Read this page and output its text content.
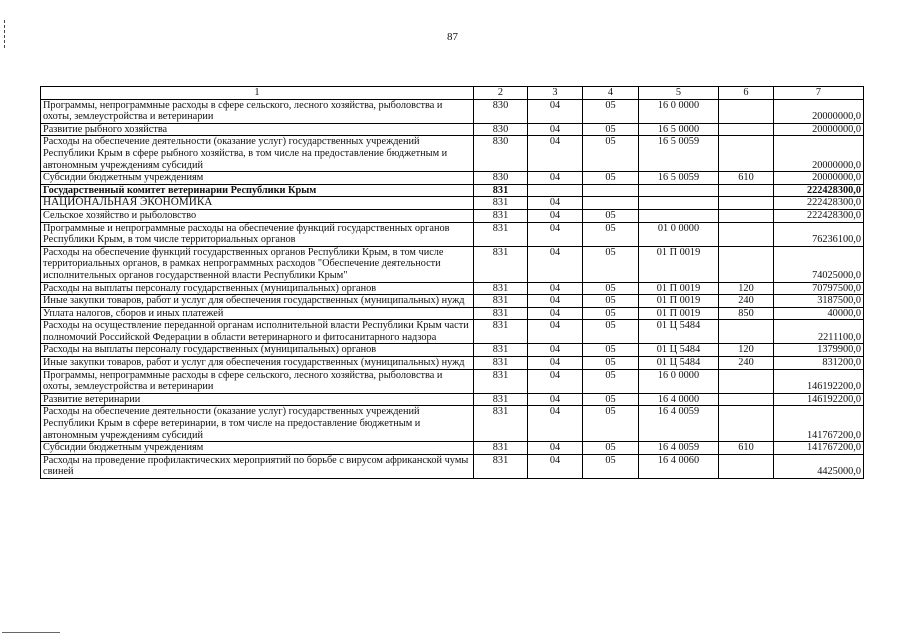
87
1	2	3	4	5	6	7
Программы, непрограммные расходы в сфере сельского, лесного хозяйства, рыболовства и охоты, землеустройства и ветеринарии	830	04	05	16 0 0000		20000000,0
Развитие рыбного хозяйства	830	04	05	16 5 0000		20000000,0
Расходы на обеспечение деятельности (оказание услуг) государственных учреждений Республики Крым в сфере рыбного хозяйства, в том числе на предоставление бюджетным и автономным учреждениям субсидий	830	04	05	16 5 0059		20000000,0
Субсидии бюджетным учреждениям	830	04	05	16 5 0059	610	20000000,0
Государственный комитет ветеринарии Республики Крым	831					222428300,0
НАЦИОНАЛЬНАЯ ЭКОНОМИКА	831	04				222428300,0
Сельское хозяйство и рыболовство	831	04	05			222428300,0
Программные и непрограммные расходы на обеспечение функций государственных органов Республики Крым, в том числе территориальных органов	831	04	05	01 0 0000		76236100,0
Расходы на обеспечение функций государственных органов Республики Крым, в том числе территориальных органов, в рамках непрограммных расходов "Обеспечение деятельности исполнительных органов государственной власти Республики Крым"	831	04	05	01 П 0019		74025000,0
Расходы на выплаты персоналу государственных (муниципальных) органов	831	04	05	01 П 0019	120	70797500,0
Иные закупки товаров, работ и услуг для обеспечения государственных (муниципальных) нужд	831	04	05	01 П 0019	240	3187500,0
Уплата налогов, сборов и иных платежей	831	04	05	01 П 0019	850	40000,0
Расходы на осуществление переданной органам исполнительной власти Республики Крым части полномочий Российской Федерации в области ветеринарного и фитосанитарного надзора	831	04	05	01 Ц 5484		2211100,0
Расходы на выплаты персоналу государственных (муниципальных) органов	831	04	05	01 Ц 5484	120	1379900,0
Иные закупки товаров, работ и услуг для обеспечения государственных (муниципальных) нужд	831	04	05	01 Ц 5484	240	831200,0
Программы, непрограммные расходы в сфере сельского, лесного хозяйства, рыболовства и охоты, землеустройства и ветеринарии	831	04	05	16 0 0000		146192200,0
Развитие ветеринарии	831	04	05	16 4 0000		146192200,0
Расходы на обеспечение деятельности (оказание услуг) государственных учреждений Республики Крым в сфере ветеринарии, в том числе на предоставление бюджетным и автономным учреждениям субсидий	831	04	05	16 4 0059		141767200,0
Субсидии бюджетным учреждениям	831	04	05	16 4 0059	610	141767200,0
Расходы на проведение профилактических мероприятий по борьбе с вирусом африканской чумы свиней	831	04	05	16 4 0060		4425000,0
